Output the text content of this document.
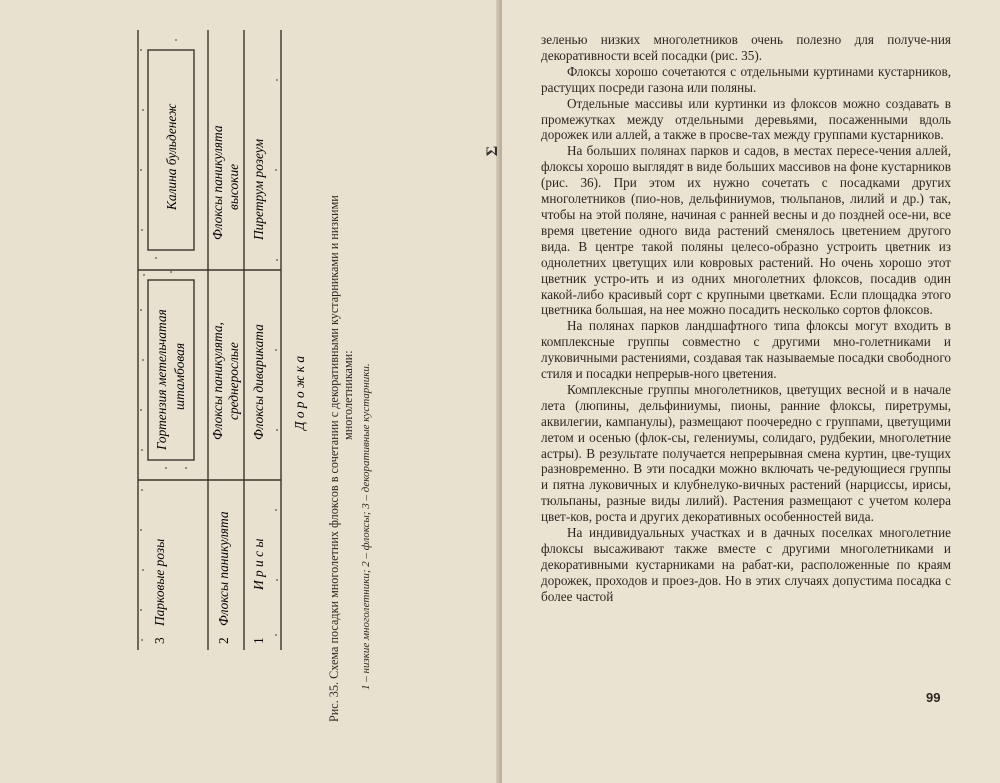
3
Парковые розы
2
Флоксы паникулята
1
И р и с ы
Гортензия метельчатая штамбовая Флоксы паникулята, среднерослые Флоксы дивариката
Калина бульденеж Флоксы паникулята высокие Пиретрум розеум
Д о р о ж к а Рис. 35. Схема посадки многолетних флоксов в сочетании с декоративными кустарниками и низкими многолетниками: 1 – низкие многолетники; 2 – флоксы; 3 – декоративные кустарники.
Σ

зеленью низких многолетников очень полезно для получе-ния декоративности всей посадки (рис. 35).

Флоксы хорошо сочетаются с отдельными куртинами кустарников, растущих посреди газона или поляны.

Отдельные массивы или куртинки из флоксов можно создавать в промежутках между отдельными деревьями, посаженными вдоль дорожек или аллей, а также в просве-тах между группами кустарников.

На больших полянах парков и садов, в местах пересе-чения аллей, флоксы хорошо выглядят в виде больших массивов на фоне кустарников (рис. 36). При этом их нужно сочетать с посадками других многолетников (пио-нов, дельфиниумов, тюльпанов, лилий и др.) так, чтобы на этой поляне, начиная с ранней весны и до поздней осе-ни, все время цветение одного вида растений сменялось цветением другого вида. В центре такой поляны целесо-образно устроить цветник из однолетних цветущих или ковровых растений. Но очень хорошо этот цветник устро-ить и из одних многолетних флоксов, посадив один какой-либо красивый сорт с крупными цветками. Если площадка этого цветника большая, на нее можно посадить несколько сортов флоксов.

На полянах парков ландшафтного типа флоксы могут входить в комплексные группы совместно с другими мно-голетниками и луковичными растениями, создавая так называемые посадки свободного стиля и посадки непрерыв-ного цветения.

Комплексные группы многолетников, цветущих весной и в начале лета (люпины, дельфиниумы, пионы, ранние флоксы, пиретрумы, аквилегии, кампанулы), размещают поочередно с группами, цветущими летом и осенью (флок-сы, гелениумы, солидаго, рудбекии, многолетние астры). В результате получается непрерывная смена куртин, цве-тущих разновременно. В эти посадки можно включать че-редующиеся группы и пятна луковичных и клубнелуко-вичных растений (нарциссы, ирисы, тюльпаны, разные виды лилий). Растения размещают с учетом колера цвет-ков, роста и других декоративных особенностей вида.

На индивидуальных участках и в дачных поселках многолетние флоксы высаживают также вместе с другими многолетниками и декоративными кустарниками на рабат-ки, расположенные по краям дорожек, проходов и проез-дов. Но в этих случаях допустима посадка с более частой

99
